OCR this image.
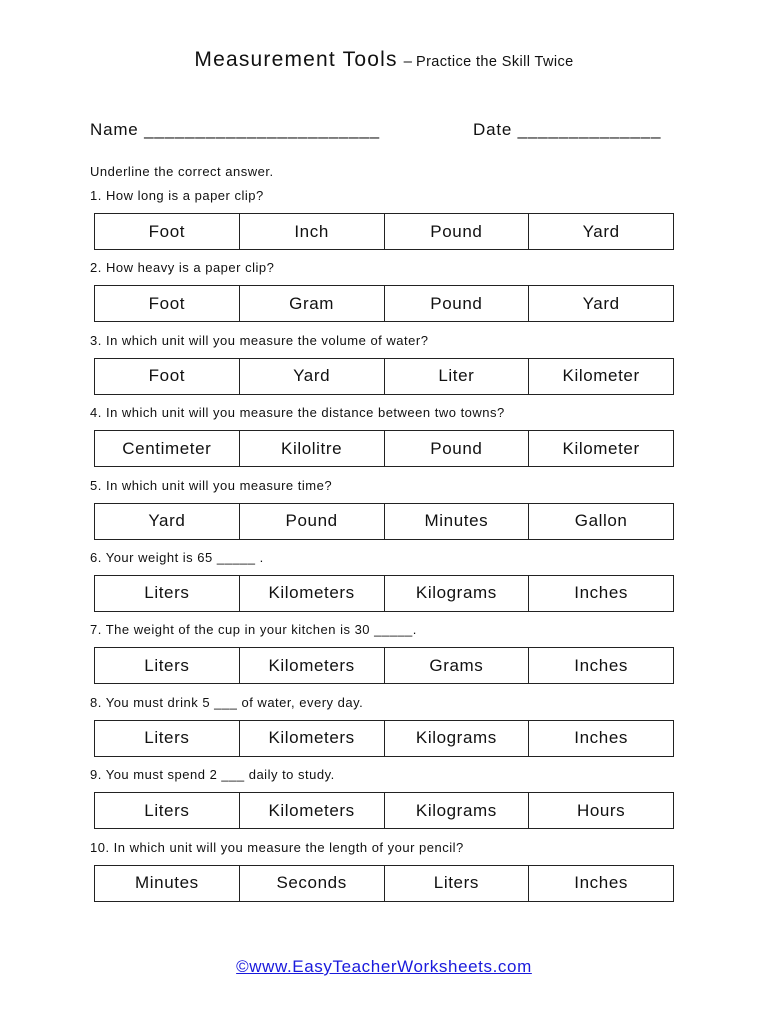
Measurement Tools – Practice the Skill Twice
Name _______________________	Date ______________
Underline the correct answer.
1. How long is a paper clip?
Foot	Inch	Pound	Yard
2. How heavy is a paper clip?
Foot	Gram	Pound	Yard
3. In which unit will you measure the volume of water?
Foot	Yard	Liter	Kilometer
4. In which unit will you measure the distance between two towns?
Centimeter	Kilolitre	Pound	Kilometer
5. In which unit will you measure time?
Yard	Pound	Minutes	Gallon
6. Your weight is 65 _____ .
Liters	Kilometers	Kilograms	Inches
7. The weight of the cup in your kitchen is 30 _____.
Liters	Kilometers	Grams	Inches
8. You must drink 5 ___ of water, every day.
Liters	Kilometers	Kilograms	Inches
9. You must spend 2 ___ daily to study.
Liters	Kilometers	Kilograms	Hours
10. In which unit will you measure the length of your pencil?
Minutes	Seconds	Liters	Inches
©www.EasyTeacherWorksheets.com
